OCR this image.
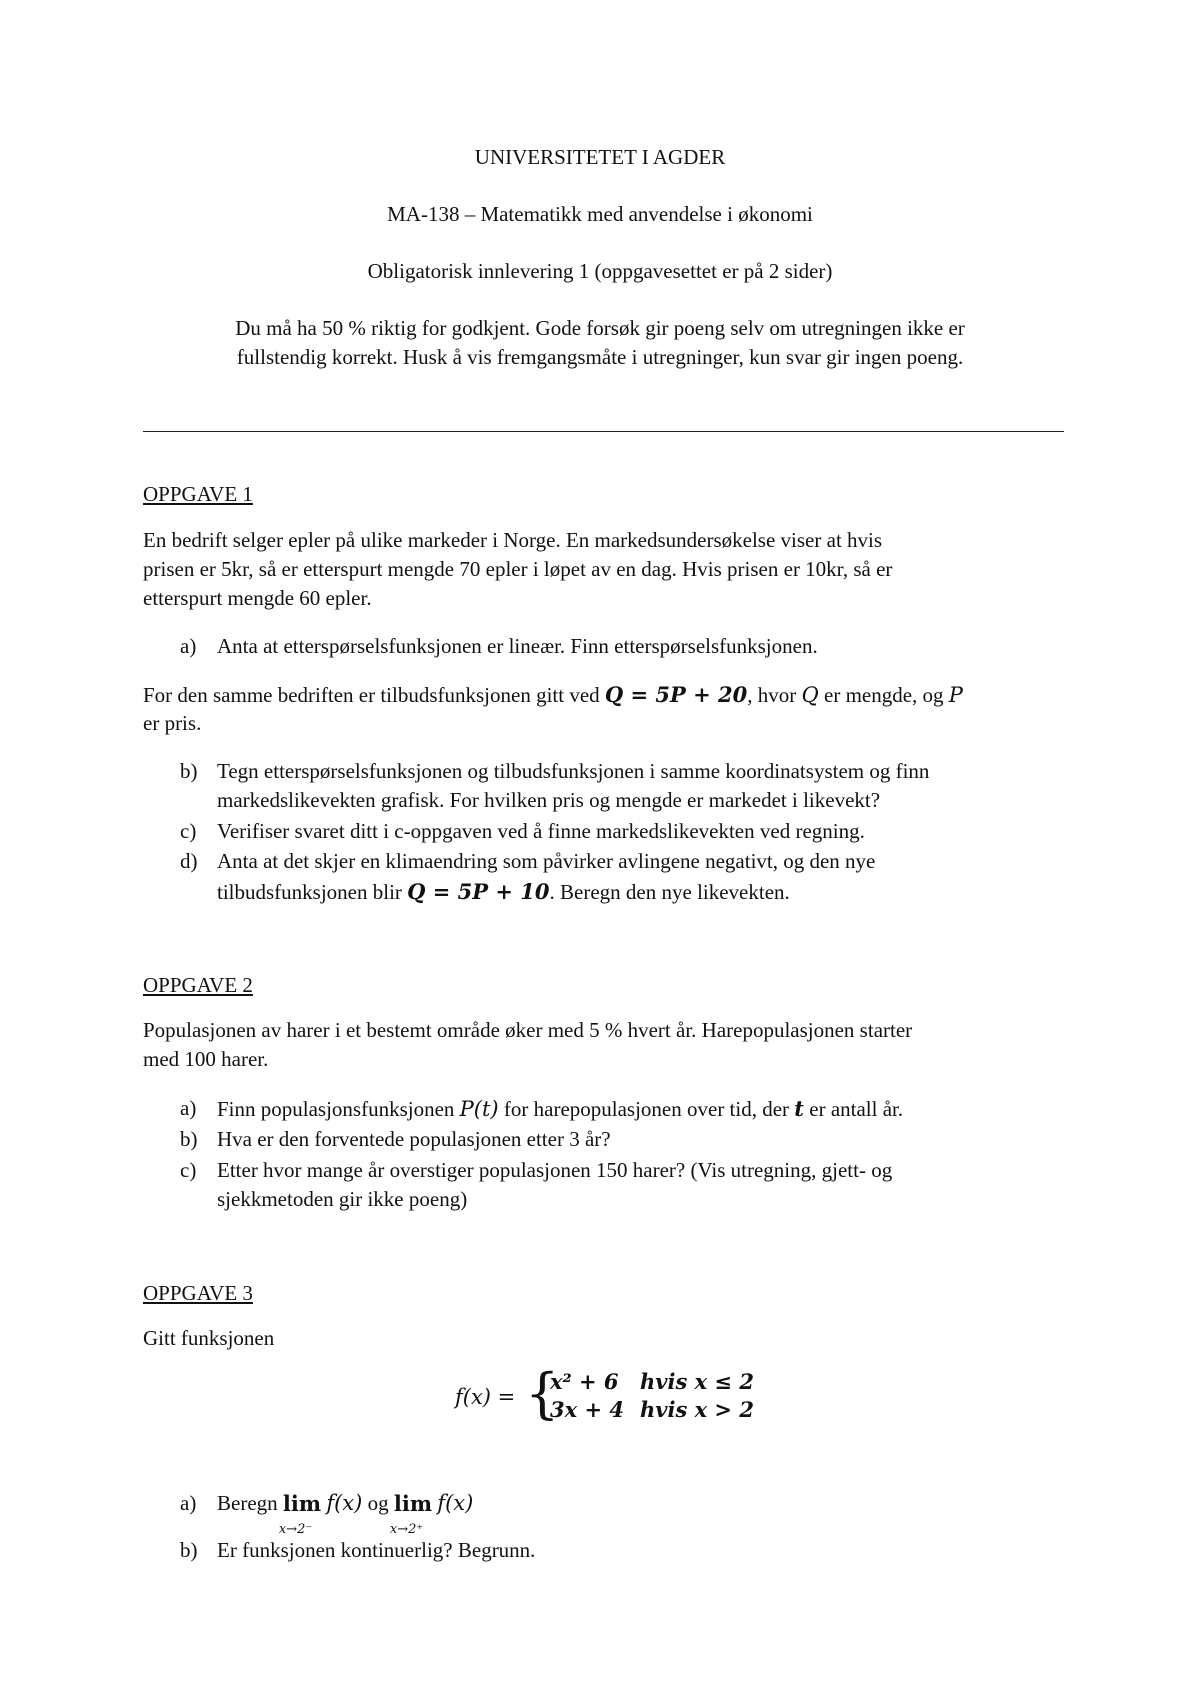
UNIVERSITETET I AGDER
MA-138 – Matematikk med anvendelse i økonomi
Obligatorisk innlevering 1 (oppgavesettet er på 2 sider)
Du må ha 50 % riktig for godkjent. Gode forsøk gir poeng selv om utregningen ikke er
fullstendig korrekt. Husk å vis fremgangsmåte i utregninger, kun svar gir ingen poeng.
OPPGAVE 1
En bedrift selger epler på ulike markeder i Norge. En markedsundersøkelse viser at hvis
prisen er 5kr, så er etterspurt mengde 70 epler i løpet av en dag. Hvis prisen er 10kr, så er
etterspurt mengde 60 epler.
a) Anta at etterspørselsfunksjonen er lineær. Finn etterspørselsfunksjonen.
For den samme bedriften er tilbudsfunksjonen gitt ved Q = 5P + 20, hvor Q er mengde, og P
er pris.
b) Tegn etterspørselsfunksjonen og tilbudsfunksjonen i samme koordinatsystem og finn
markedslikevekten grafisk. For hvilken pris og mengde er markedet i likevekt?
c) Verifiser svaret ditt i c-oppgaven ved å finne markedslikevekten ved regning.
d) Anta at det skjer en klimaendring som påvirker avlingene negativt, og den nye
tilbudsfunksjonen blir Q = 5P + 10. Beregn den nye likevekten.
OPPGAVE 2
Populasjonen av harer i et bestemt område øker med 5 % hvert år. Harepopulasjonen starter
med 100 harer.
a) Finn populasjonsfunksjonen P(t) for harepopulasjonen over tid, der t er antall år.
b) Hva er den forventede populasjonen etter 3 år?
c) Etter hvor mange år overstiger populasjonen 150 harer? (Vis utregning, gjett- og
sjekkmetoden gir ikke poeng)
OPPGAVE 3
Gitt funksjonen
f(x) = {
x² + 6 hvis x ≤ 2
3x + 4 hvis x > 2
a) Beregn lim
x→2⁻
f(x) og lim
x→2⁺
f(x)
b) Er funksjonen kontinuerlig? Begrunn.
